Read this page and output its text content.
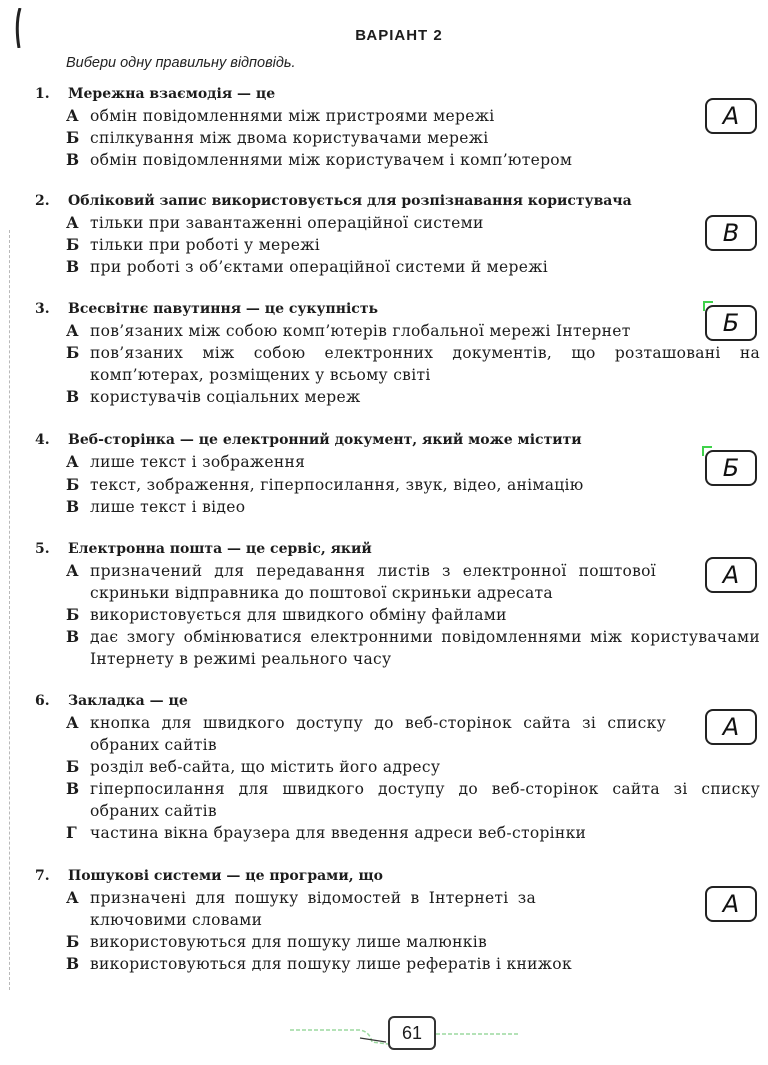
ВАРІАНТ 2
Вибери одну правильну відповідь.
1. Мережна взаємодія — це
А обмін повідомленнями між пристроями мережі
Б спілкування між двома користувачами мережі
В обмін повідомленнями між користувачем і комп’ютером
А
2. Обліковий запис використовується для розпізнавання користувача
А тільки при завантаженні операційної системи
Б тільки при роботі у мережі
В при роботі з об’єктами операційної системи й мережі
В
3. Всесвітнє павутиння — це сукупність
А пов’язаних між собою комп’ютерів глобальної мережі Інтернет
Б пов’язаних між собою електронних документів, що розташовані на комп’ютерах, розміщених у всьому світі
В користувачів соціальних мереж
Б
4. Веб-сторінка — це електронний документ, який може містити
А лише текст і зображення
Б текст, зображення, гіперпосилання, звук, відео, анімацію
В лише текст і відео
Б
5. Електронна пошта — це сервіс, який
А призначений для передавання листів з електронної поштової скриньки відправника до поштової скриньки адресата
Б використовується для швидкого обміну файлами
В дає змогу обмінюватися електронними повідомленнями між користувачами Інтернету в режимі реального часу
А
6. Закладка — це
А кнопка для швидкого доступу до веб-сторінок сайта зі списку обраних сайтів
Б розділ веб-сайта, що містить його адресу
В гіперпосилання для швидкого доступу до веб-сторінок сайта зі списку обраних сайтів
Г частина вікна браузера для введення адреси веб-сторінки
А
7. Пошукові системи — це програми, що
А призначені для пошуку відомостей в Інтернеті за ключовими словами
Б використовуються для пошуку лише малюнків
В використовуються для пошуку лише рефератів і книжок
А
61
